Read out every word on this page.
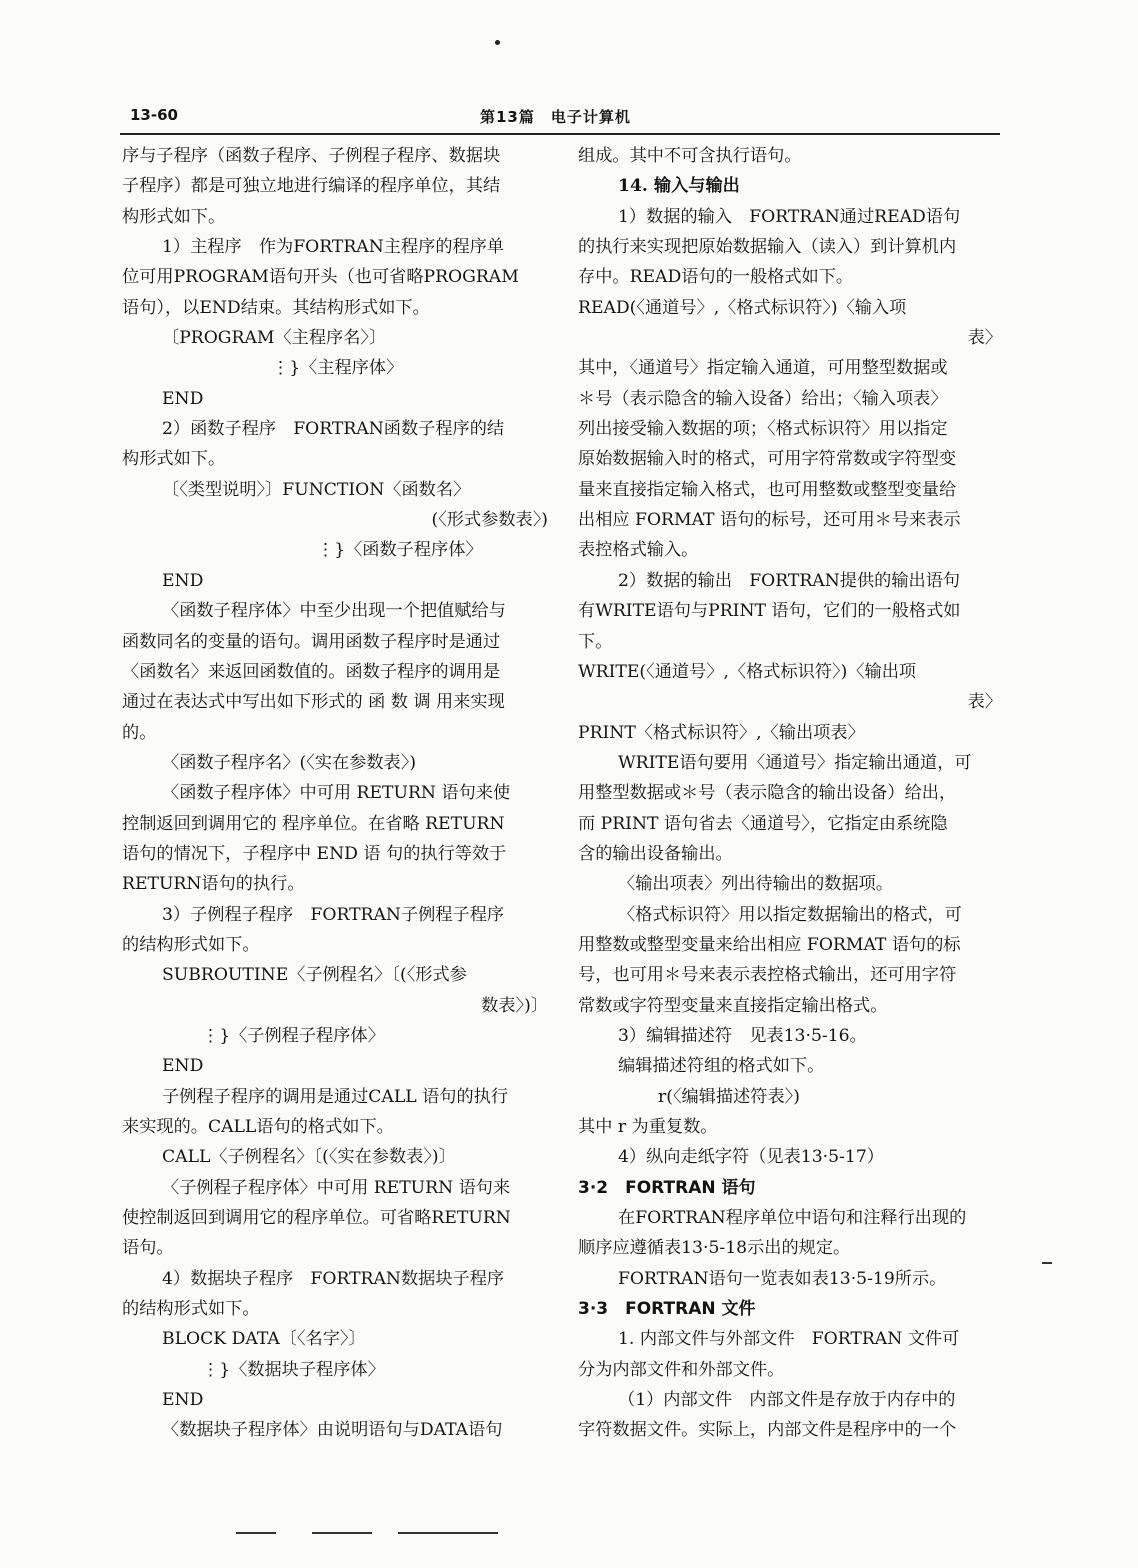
13-60	第13篇　电子计算机
序与子程序（函数子程序、子例程子程序、数据块
子程序）都是可独立地进行编译的程序单位，其结
构形式如下。
1）主程序　作为FORTRAN主程序的程序单
位可用PROGRAM语句开头（也可省略PROGRAM
语句），以END结束。其结构形式如下。
〔PROGRAM〈主程序名〉〕
⋮}〈主程序体〉
END
2）函数子程序　FORTRAN函数子程序的结
构形式如下。
〔〈类型说明〉〕FUNCTION〈函数名〉
(〈形式参数表〉)
⋮}〈函数子程序体〉
END
〈函数子程序体〉中至少出现一个把值赋给与
函数同名的变量的语句。调用函数子程序时是通过
〈函数名〉来返回函数值的。函数子程序的调用是
通过在表达式中写出如下形式的 函 数 调 用来实现
的。
〈函数子程序名〉(〈实在参数表〉)
〈函数子程序体〉中可用 RETURN 语句来使
控制返回到调用它的 程序单位。在省略 RETURN
语句的情况下，子程序中 END 语 句的执行等效于
RETURN语句的执行。
3）子例程子程序　FORTRAN子例程子程序
的结构形式如下。
SUBROUTINE〈子例程名〉〔(〈形式参
数表〉)〕
⋮}〈子例程子程序体〉
END
子例程子程序的调用是通过CALL 语句的执行
来实现的。CALL语句的格式如下。
CALL〈子例程名〉〔(〈实在参数表〉)〕
〈子例程子程序体〉中可用 RETURN 语句来
使控制返回到调用它的程序单位。可省略RETURN
语句。
4）数据块子程序　FORTRAN数据块子程序
的结构形式如下。
BLOCK DATA〔〈名字〉〕
⋮}〈数据块子程序体〉
END
〈数据块子程序体〉由说明语句与DATA语句
组成。其中不可含执行语句。
14. 输入与输出
1）数据的输入　FORTRAN通过READ语句
的执行来实现把原始数据输入（读入）到计算机内
存中。READ语句的一般格式如下。
READ(〈通道号〉,〈格式标识符〉)〈输入项
表〉
其中，〈通道号〉指定输入通道，可用整型数据或
＊号（表示隐含的输入设备）给出；〈输入项表〉
列出接受输入数据的项；〈格式标识符〉用以指定
原始数据输入时的格式，可用字符常数或字符型变
量来直接指定输入格式，也可用整数或整型变量给
出相应 FORMAT 语句的标号，还可用＊号来表示
表控格式输入。
2）数据的输出　FORTRAN提供的输出语句
有WRITE语句与PRINT 语句，它们的一般格式如
下。
WRITE(〈通道号〉,〈格式标识符〉)〈输出项
表〉
PRINT〈格式标识符〉,〈输出项表〉
WRITE语句要用〈通道号〉指定输出通道，可
用整型数据或＊号（表示隐含的输出设备）给出，
而 PRINT 语句省去〈通道号〉，它指定由系统隐
含的输出设备输出。
〈输出项表〉列出待输出的数据项。
〈格式标识符〉用以指定数据输出的格式，可
用整数或整型变量来给出相应 FORMAT 语句的标
号，也可用＊号来表示表控格式输出，还可用字符
常数或字符型变量来直接指定输出格式。
3）编辑描述符　见表13·5-16。
编辑描述符组的格式如下。
r(〈编辑描述符表〉)
其中 r 为重复数。
4）纵向走纸字符（见表13·5-17）
3·2　FORTRAN 语句
在FORTRAN程序单位中语句和注释行出现的
顺序应遵循表13·5-18示出的规定。
FORTRAN语句一览表如表13·5-19所示。
3·3　FORTRAN 文件
1. 内部文件与外部文件　FORTRAN 文件可
分为内部文件和外部文件。
（1）内部文件　内部文件是存放于内存中的
字符数据文件。实际上，内部文件是程序中的一个
